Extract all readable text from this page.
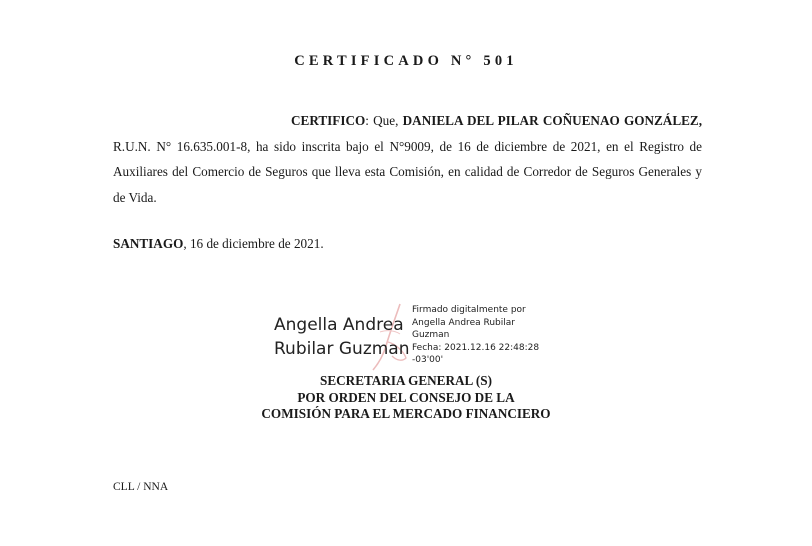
CERTIFICADO N° 501
CERTIFICO: Que, DANIELA DEL PILAR COÑUENAO GONZÁLEZ, R.U.N. N° 16.635.001-8, ha sido inscrita bajo el N°9009, de 16 de diciembre de 2021, en el Registro de Auxiliares del Comercio de Seguros que lleva esta Comisión, en calidad de Corredor de Seguros Generales y de Vida.
SANTIAGO, 16 de diciembre de 2021.
Angella Andrea
Rubilar Guzman
Firmado digitalmente por
Angella Andrea Rubilar
Guzman
Fecha: 2021.12.16 22:48:28
-03'00'
SECRETARIA GENERAL (S)
POR ORDEN DEL CONSEJO DE LA
COMISIÓN PARA EL MERCADO FINANCIERO
CLL / NNA
